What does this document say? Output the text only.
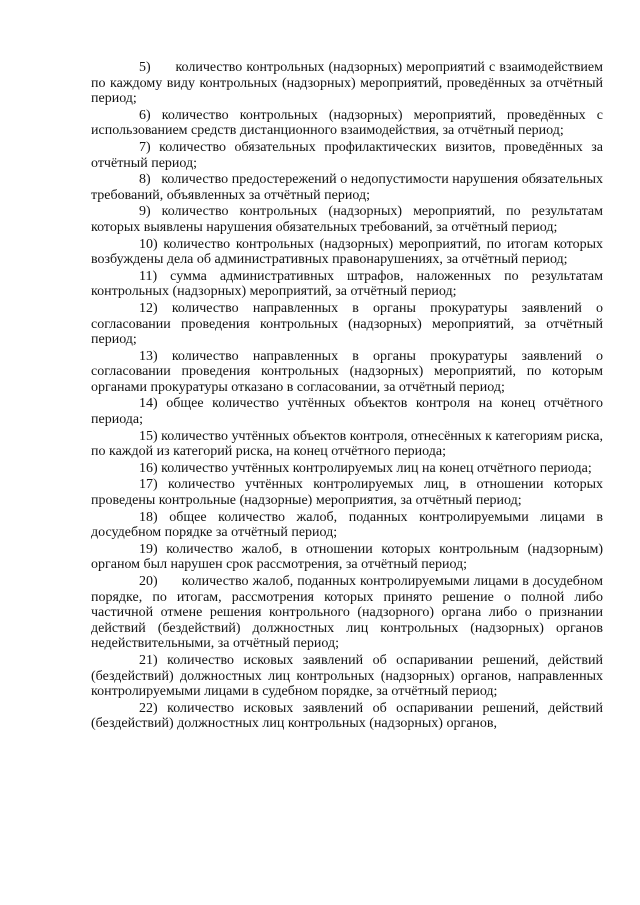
5)      количество контрольных (надзорных) мероприятий с взаимодействием по каждому виду контрольных (надзорных) мероприятий, проведённых за отчётный период;

6) количество контрольных (надзорных) мероприятий, проведённых с использованием средств дистанционного взаимодействия, за отчётный период;

7) количество обязательных профилактических визитов, проведённых за отчётный период;

8)   количество предостережений о недопустимости нарушения обязательных требований, объявленных за отчётный период;

9) количество контрольных (надзорных) мероприятий, по результатам которых выявлены нарушения обязательных требований, за отчётный период;

10) количество контрольных (надзорных) мероприятий, по итогам которых возбуждены дела об административных правонарушениях, за отчётный период;

11) сумма административных штрафов, наложенных по результатам контрольных (надзорных) мероприятий, за отчётный период;

12) количество направленных в органы прокуратуры заявлений о согласовании проведения контрольных (надзорных) мероприятий, за отчётный период;

13) количество направленных в органы прокуратуры заявлений о согласовании проведения контрольных (надзорных) мероприятий, по которым органами прокуратуры отказано в согласовании, за отчётный период;

14) общее количество учтённых объектов контроля на конец отчётного периода;

15) количество учтённых объектов контроля, отнесённых к категориям риска, по каждой из категорий риска, на конец отчётного периода;

16) количество учтённых контролируемых лиц на конец отчётного периода;

17) количество учтённых контролируемых лиц, в отношении которых проведены контрольные (надзорные) мероприятия, за отчётный период;

18) общее количество жалоб, поданных контролируемыми лицами в досудебном порядке за отчётный период;

19) количество жалоб, в отношении которых контрольным (надзорным) органом был нарушен срок рассмотрения, за отчётный период;

20)      количество жалоб, поданных контролируемыми лицами в досудебном порядке, по итогам, рассмотрения которых принято решение о полной либо частичной отмене решения контрольного (надзорного) органа либо о признании действий (бездействий) должностных лиц контрольных (надзорных) органов недействительными, за отчётный период;

21) количество исковых заявлений об оспаривании решений, действий (бездействий) должностных лиц контрольных (надзорных) органов, направленных контролируемыми лицами в судебном порядке, за отчётный период;

22) количество исковых заявлений об оспаривании решений, действий (бездействий) должностных лиц контрольных (надзорных) органов,
